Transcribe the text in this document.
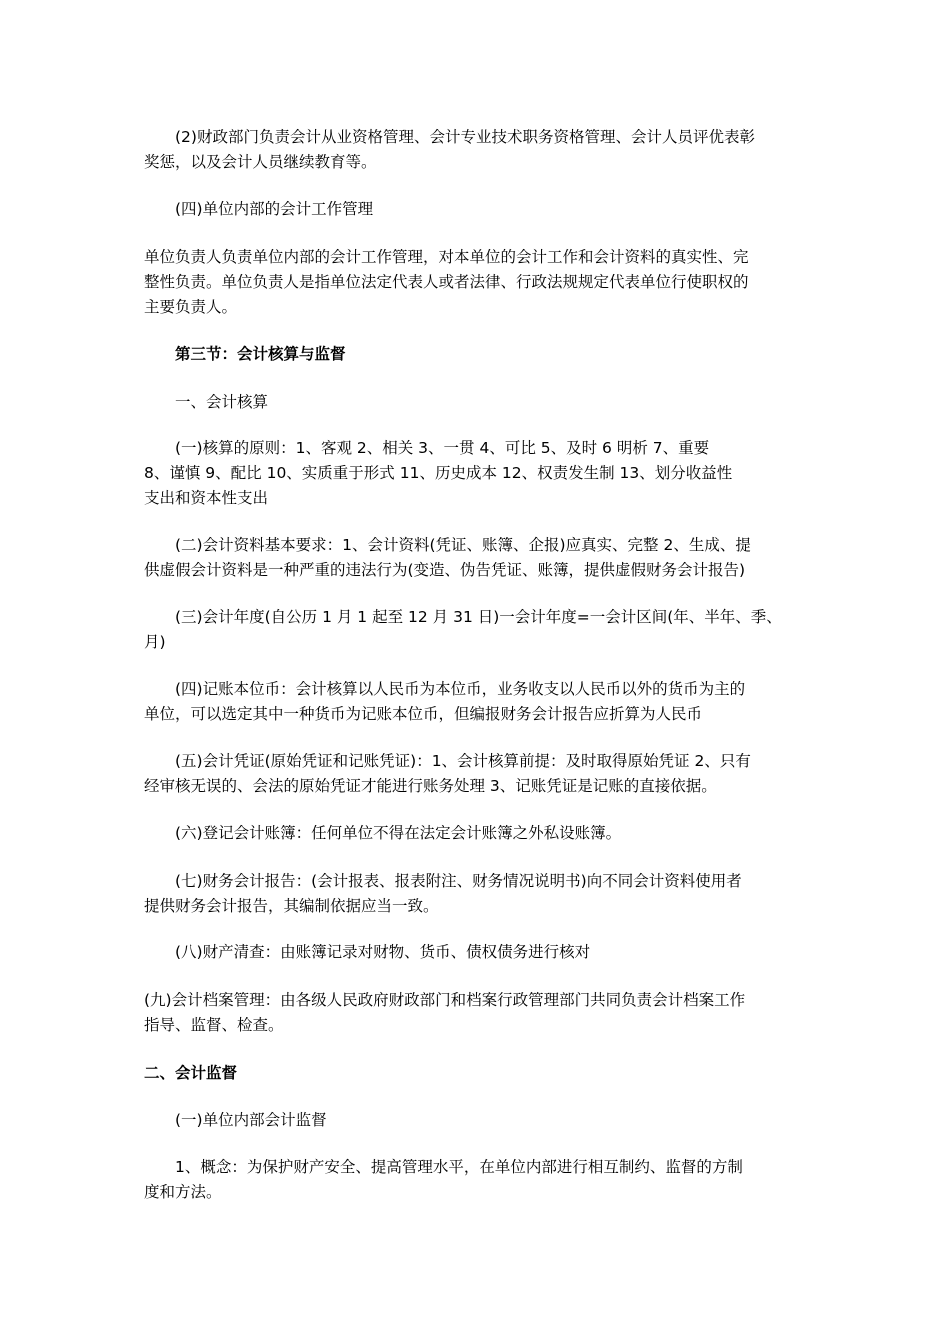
(2)财政部门负责会计从业资格管理、会计专业技术职务资格管理、会计人员评优表彰
奖惩，以及会计人员继续教育等。
(四)单位内部的会计工作管理
单位负责人负责单位内部的会计工作管理，对本单位的会计工作和会计资料的真实性、完
整性负责。单位负责人是指单位法定代表人或者法律、行政法规规定代表单位行使职权的
主要负责人。
第三节：会计核算与监督
一、会计核算
(一)核算的原则：1、客观 2、相关 3、一贯 4、可比 5、及时 6 明析 7、重要
8、谨慎 9、配比 10、实质重于形式 11、历史成本 12、权责发生制 13、划分收益性
支出和资本性支出
(二)会计资料基本要求：1、会计资料(凭证、账簿、企报)应真实、完整 2、生成、提
供虚假会计资料是一种严重的违法行为(变造、伪告凭证、账簿，提供虚假财务会计报告)
(三)会计年度(自公历 1 月 1 起至 12 月 31 日)一会计年度=一会计区间(年、半年、季、
月)
(四)记账本位币：会计核算以人民币为本位币，业务收支以人民币以外的货币为主的
单位，可以选定其中一种货币为记账本位币，但编报财务会计报告应折算为人民币
(五)会计凭证(原始凭证和记账凭证)：1、会计核算前提：及时取得原始凭证 2、只有
经审核无误的、会法的原始凭证才能进行账务处理 3、记账凭证是记账的直接依据。
(六)登记会计账簿：任何单位不得在法定会计账簿之外私设账簿。
(七)财务会计报告：(会计报表、报表附注、财务情况说明书)向不同会计资料使用者
提供财务会计报告，其编制依据应当一致。
(八)财产清查：由账簿记录对财物、货币、债权债务进行核对
(九)会计档案管理：由各级人民政府财政部门和档案行政管理部门共同负责会计档案工作
指导、监督、检查。
二、会计监督
(一)单位内部会计监督
1、概念：为保护财产安全、提高管理水平，在单位内部进行相互制约、监督的方制
度和方法。
